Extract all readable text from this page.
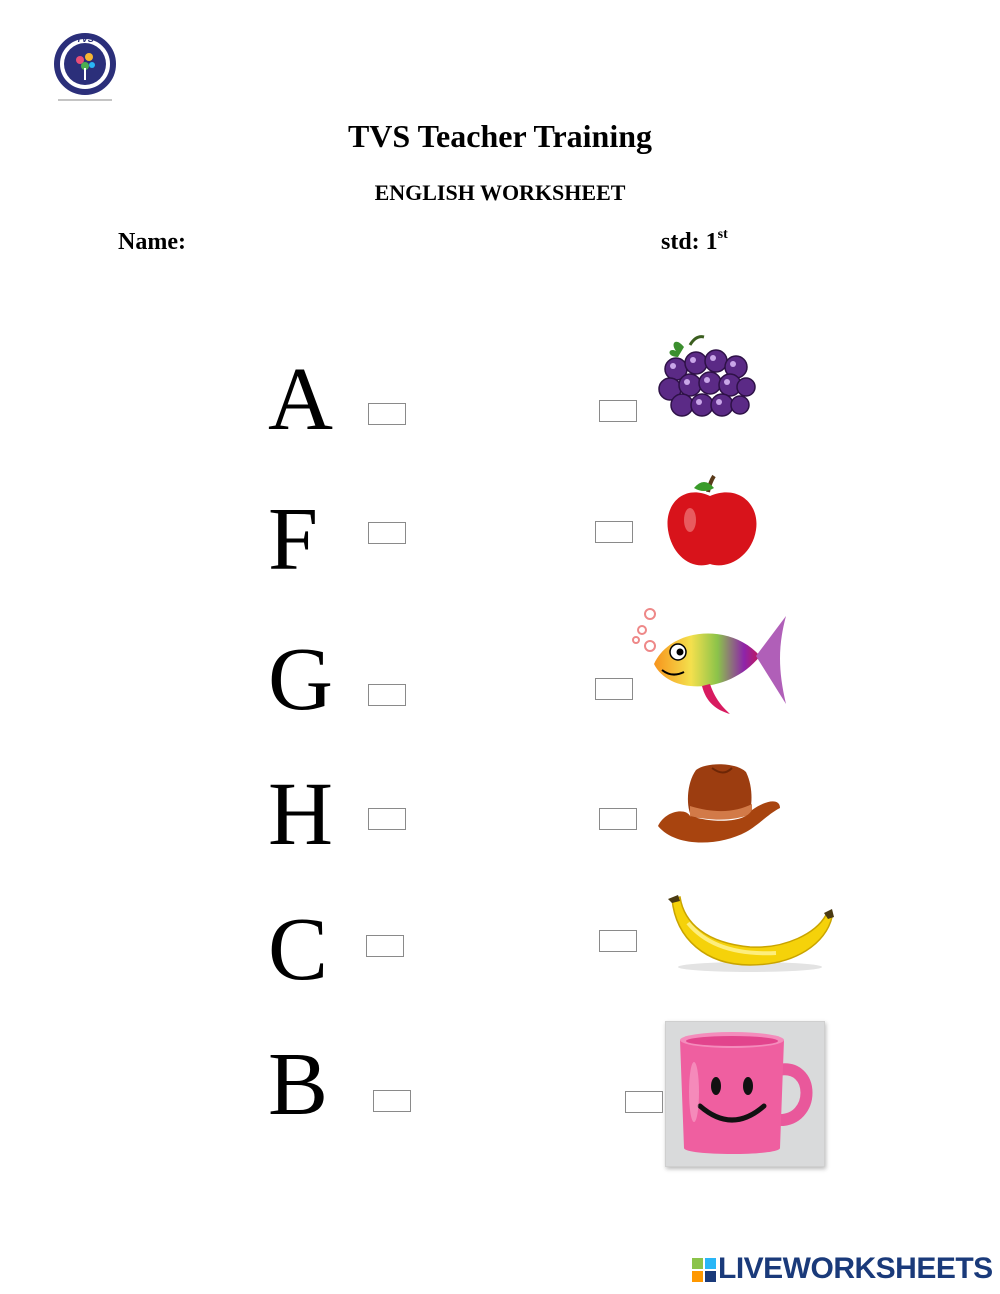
TVS
TVS Teacher Training
ENGLISH WORKSHEET
Name:	std: 1st
A
F
G
H
C
B
LIVEWORKSHEETS
